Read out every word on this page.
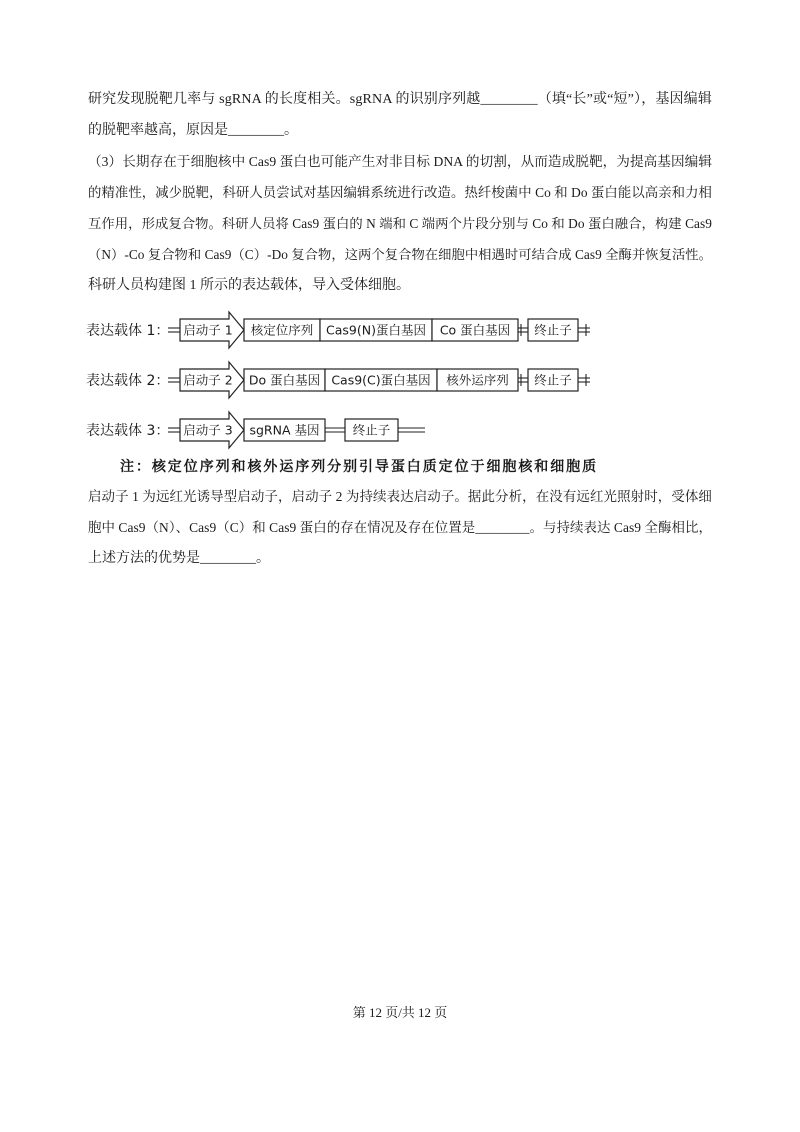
研究发现脱靶几率与 sgRNA 的长度相关。sgRNA 的识别序列越________（填“长”或“短”），基因编辑
的脱靶率越高，原因是________。
（3）长期存在于细胞核中 Cas9 蛋白也可能产生对非目标 DNA 的切割，从而造成脱靶，为提高基因编辑
的精准性，减少脱靶，科研人员尝试对基因编辑系统进行改造。热纤梭菌中 Co 和 Do 蛋白能以高亲和力相
互作用，形成复合物。科研人员将 Cas9 蛋白的 N 端和 C 端两个片段分别与 Co 和 Do 蛋白融合，构建 Cas9
（N）-Co 复合物和 Cas9（C）-Do 复合物，这两个复合物在细胞中相遇时可结合成 Cas9 全酶并恢复活性。
科研人员构建图 1 所示的表达载体，导入受体细胞。
表达载体 1： 启动子 1 核定位序列 Cas9(N)蛋白基因 Co 蛋白基因 终止子
表达载体 2： 启动子 2 Do 蛋白基因 Cas9(C)蛋白基因 核外运序列 终止子
表达载体 3： 启动子 3 sgRNA 基因	终止子
注：核定位序列和核外运序列分别引导蛋白质定位于细胞核和细胞质
启动子 1 为远红光诱导型启动子，启动子 2 为持续表达启动子。据此分析，在没有远红光照射时，受体细
胞中 Cas9（N）、Cas9（C）和 Cas9 蛋白的存在情况及存在位置是________。与持续表达 Cas9 全酶相比，
上述方法的优势是________。
第 12 页/共 12 页
